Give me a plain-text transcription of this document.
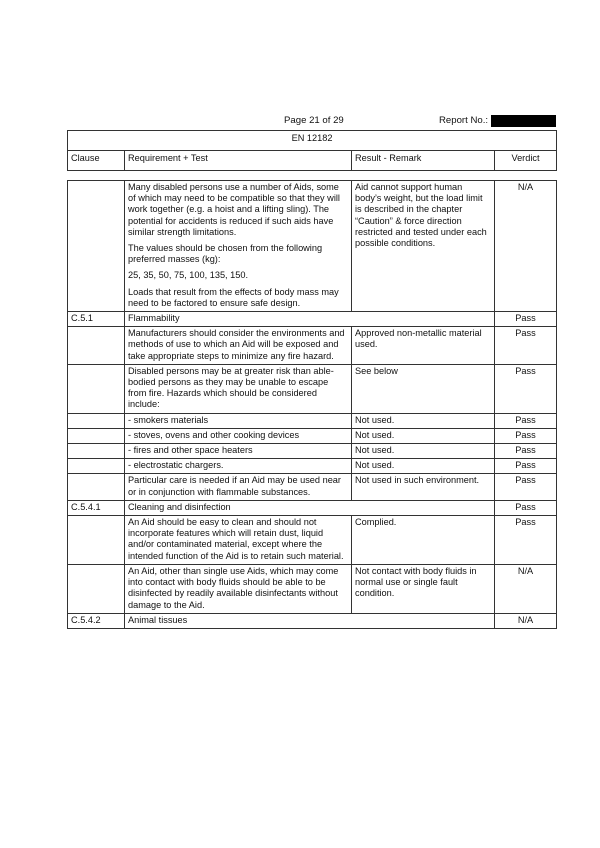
Page 21 of 29	Report No.:
EN 12182
Clause	Requirement + Test	Result - Remark	Verdict

	Many disabled persons use a number of Aids, some of which may need to be compatible so that they will work together (e.g. a hoist and a lifting sling). The potential for accidents is reduced if such aids have similar strength limitations.

The values should be chosen from the following preferred masses (kg):

25, 35, 50, 75, 100, 135, 150.

Loads that result from the effects of body mass may need to be factored to ensure safe design.	Aid cannot support human body’s weight, but the load limit is described in the chapter “Caution” & force direction restricted and tested under each possible conditions.	N/A
C.5.1	Flammability		Pass

	Manufacturers should consider the environments and methods of use to which an Aid will be exposed and take appropriate steps to minimize any fire hazard.	Approved non-metallic material used.	Pass

	Disabled persons may be at greater risk than able-bodied persons as they may be unable to escape from fire. Hazards which should be considered include:	See below	Pass

	- smokers materials	Not used.	Pass

	- stoves, ovens and other cooking devices	Not used.	Pass

	- fires and other space heaters	Not used.	Pass

	- electrostatic chargers.	Not used.	Pass

	Particular care is needed if an Aid may be used near or in conjunction with flammable substances.	Not used in such environment.	Pass
C.5.4.1	Cleaning and disinfection		Pass

	An Aid should be easy to clean and should not incorporate features which will retain dust, liquid and/or contaminated material, except where the intended function of the Aid is to retain such material.	Complied.	Pass

	An Aid, other than single use Aids, which may come into contact with body fluids should be able to be disinfected by readily available disinfectants without damage to the Aid.	Not contact with body fluids in normal use or single fault condition.	N/A
C.5.4.2	Animal tissues		N/A
